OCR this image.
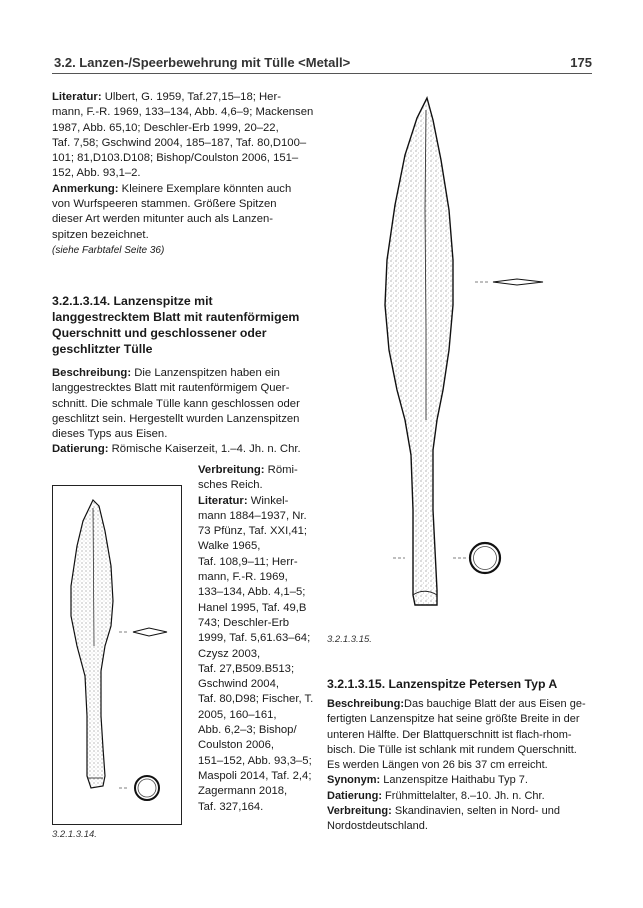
3.2. Lanzen-/Speerbewehrung mit Tülle <Metall>	175

Literatur: Ulbert, G. 1959, Taf.27,15–18; Her-

mann, F.-R. 1969, 133–134, Abb. 4,6–9; Mackensen

1987, Abb. 65,10; Deschler-Erb 1999, 20–22,

Taf. 7,58; Gschwind 2004, 185–187, Taf. 80,D100–

101; 81,D103.D108; Bishop/Coulston 2006, 151–

152, Abb. 93,1–2.

Anmerkung: Kleinere Exemplare könnten auch

von Wurfspeeren stammen. Größere Spitzen

dieser Art werden mitunter auch als Lanzen-

spitzen bezeichnet.

(siehe Farbtafel Seite 36)

3.2.1.3.14. Lanzenspitze mit
langgestrecktem Blatt mit rautenförmigem
Querschnitt und geschlossener oder
geschlitzter Tülle

Beschreibung: Die Lanzenspitzen haben ein

langgestrecktes Blatt mit rautenförmigem Quer-

schnitt. Die schmale Tülle kann geschlossen oder

geschlitzt sein. Hergestellt wurden Lanzenspitzen

dieses Typs aus Eisen.

Datierung: Römische Kaiserzeit, 1.–4. Jh. n. Chr.

Verbreitung: Römi-

sches Reich.

Literatur: Winkel-

mann 1884–1937, Nr.

73 Pfünz, Taf. XXI,41;

Walke 1965,

Taf. 108,9–11; Herr-

mann, F.-R. 1969,

133–134, Abb. 4,1–5;

Hanel 1995, Taf. 49,B

743; Deschler-Erb

1999, Taf. 5,61.63–64;

Czysz 2003,

Taf. 27,B509.B513;

Gschwind 2004,

Taf. 80,D98; Fischer, T.

2005, 160–161,

Abb. 6,2–3; Bishop/

Coulston 2006,

151–152, Abb. 93,3–5;

Maspoli 2014, Taf. 2,4;

Zagermann 2018,

Taf. 327,164.

3.2.1.3.14.
3.2.1.3.15.
3.2.1.3.15. Lanzenspitze Petersen Typ A

Beschreibung:Das bauchige Blatt der aus Eisen ge-

fertigten Lanzenspitze hat seine größte Breite in der

unteren Hälfte. Der Blattquerschnitt ist flach-rhom-

bisch. Die Tülle ist schlank mit rundem Querschnitt.

Es werden Längen von 26 bis 37 cm erreicht.

Synonym: Lanzenspitze Haithabu Typ 7.

Datierung: Frühmittelalter, 8.–10. Jh. n. Chr.

Verbreitung: Skandinavien, selten in Nord- und

Nordostdeutschland.
